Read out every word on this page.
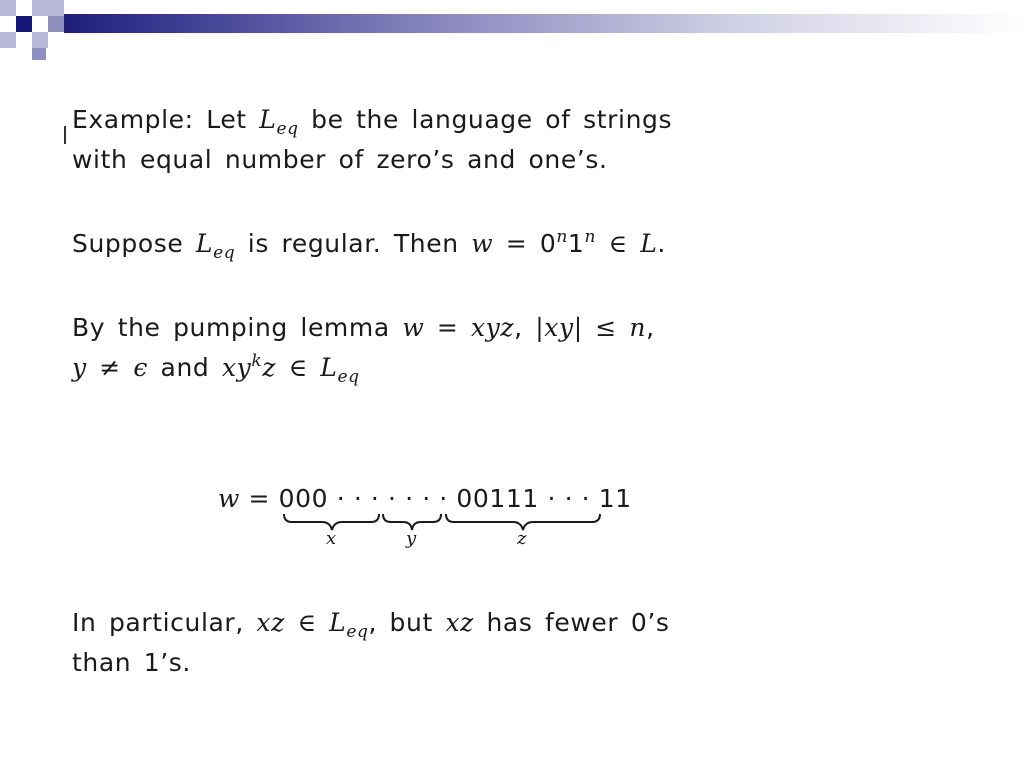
Example: Let $L_{eq}$ be the language of strings
with equal number of zero’s and one’s.
Suppose $L_{eq}$ is regular. Then $w = 0^n1^n$ ∈ L.
By the pumping lemma w = xyz, |xy| ≤ n,
y ≠ ϵ and $xy^kz$ ∈ $L_{eq}$
w = 000 · · · · · · · 00111 · · · 11
x	y	z
In particular, xz ∈ $L_{eq}$, but xz has fewer 0’s
than 1’s.
